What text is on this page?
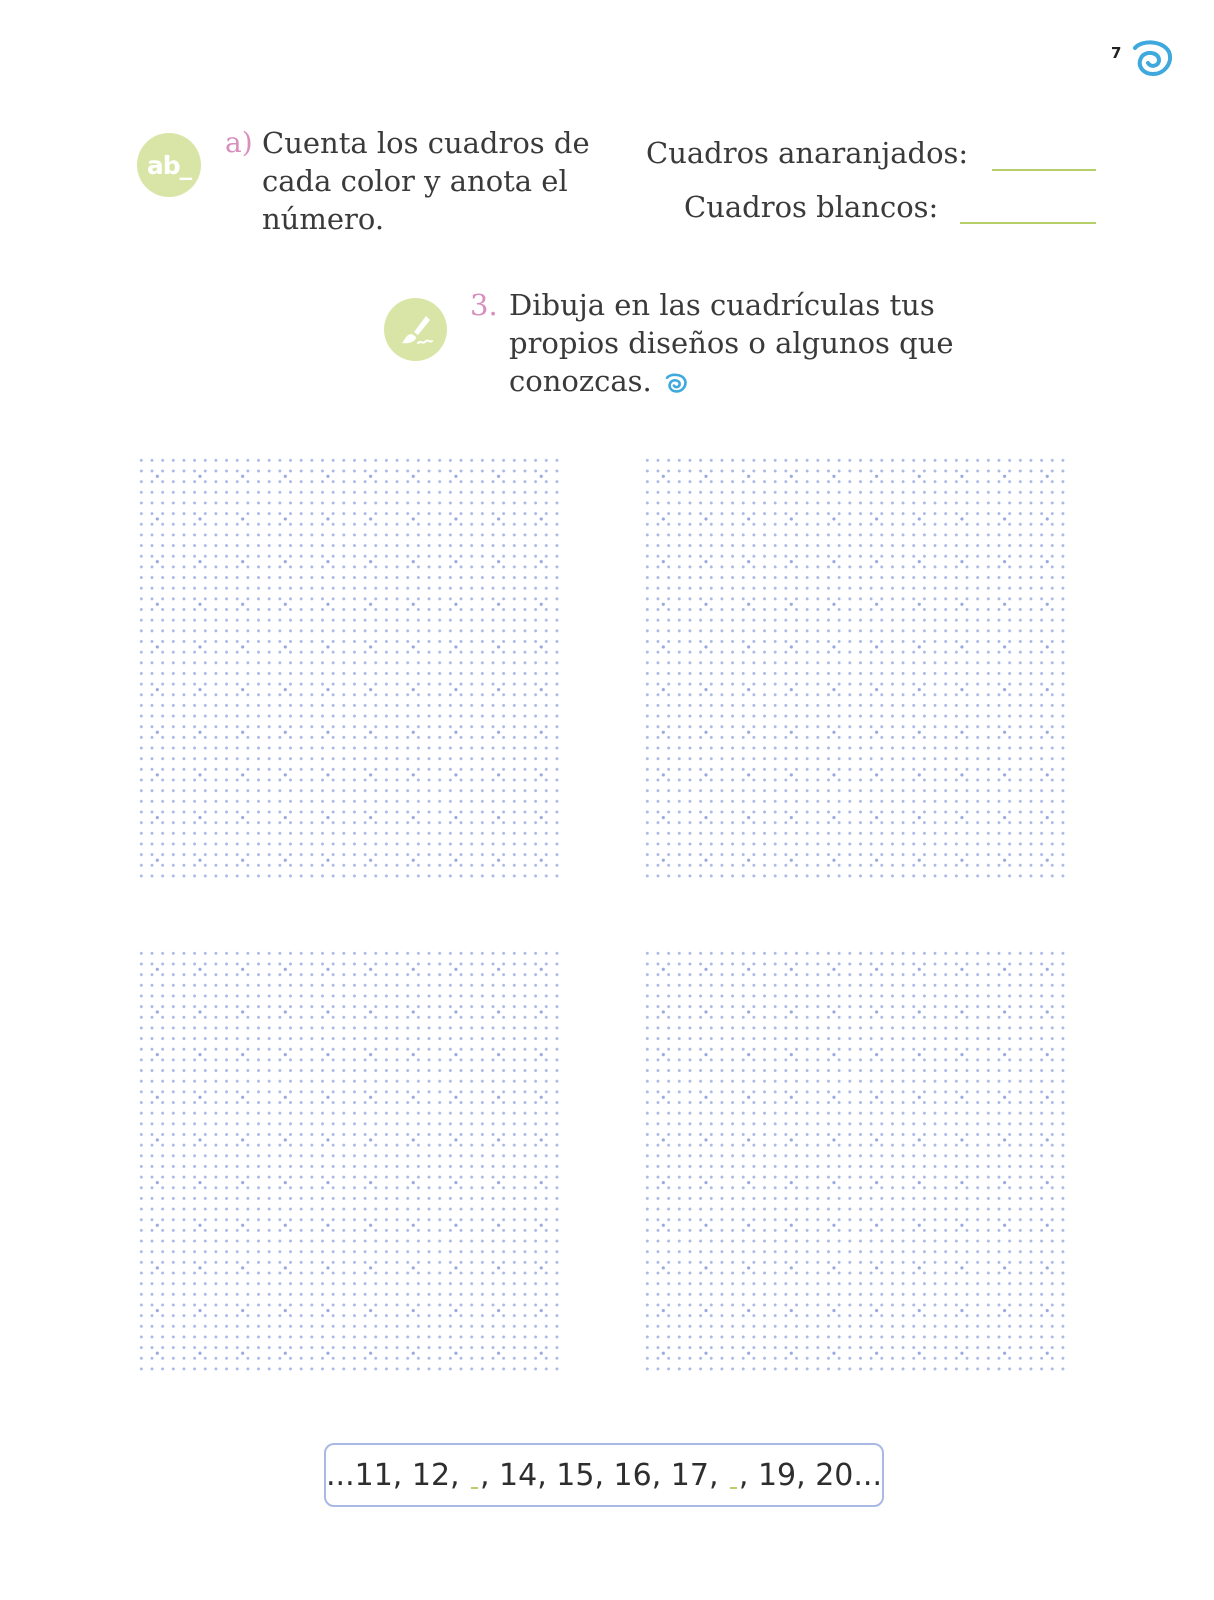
7
ab_
a) Cuenta los cuadros de cada color y anota el número.
Cuadros anaranjados:
Cuadros blancos:
3. Dibuja en las cuadrículas tus propios diseños o algunos que conozcas.
...11, 12, , 14, 15, 16, 17, , 19, 20...
